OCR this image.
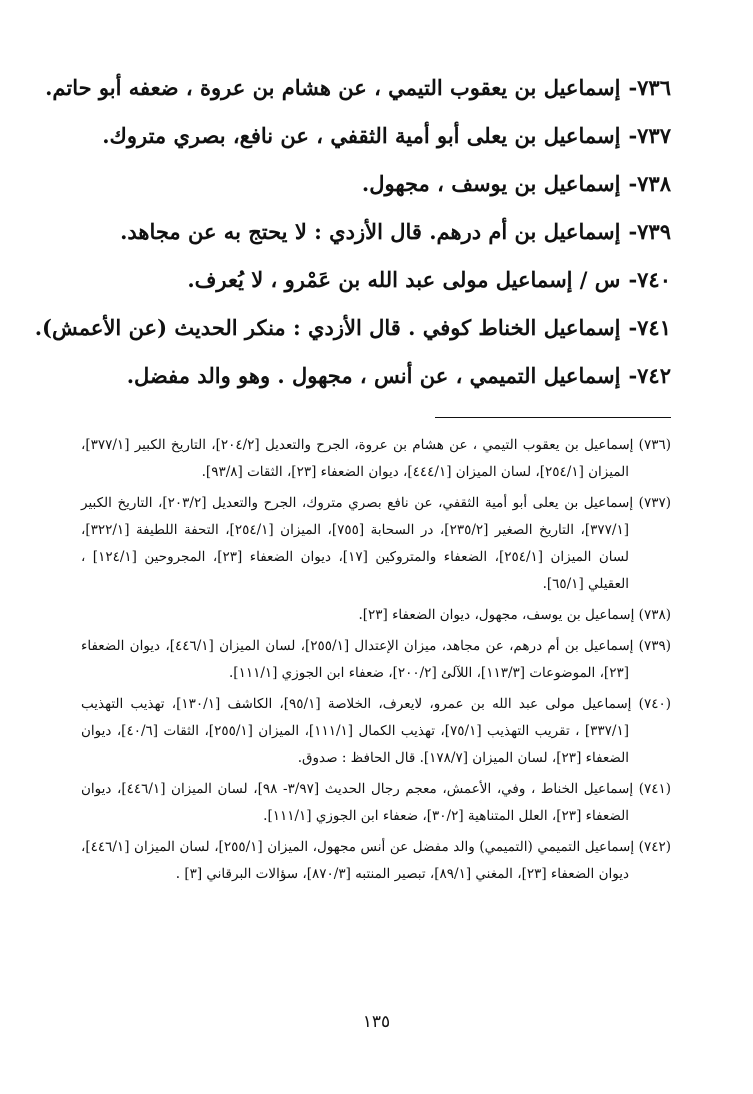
٧٣٦-إسماعيل بن يعقوب التيمي ، عن هشام بن عروة ، ضعفه أبو حاتم.
٧٣٧-إسماعيل بن يعلى أبو أمية الثقفي ، عن نافع، بصري متروك.
٧٣٨-إسماعيل بن يوسف ، مجهول.
٧٣٩-إسماعيل بن أم درهم. قال الأزدي : لا يحتج به عن مجاهد.
٧٤٠-س / إسماعيل مولى عبد الله بن عَمْرو ، لا يُعرف.
٧٤١-إسماعيل الخناط كوفي . قال الأزدي : منكر الحديث (عن الأعمش).
٧٤٢-إسماعيل التميمي ، عن أنس ، مجهول . وهو والد مفضل.

(٧٣٦) إسماعيل بن يعقوب التيمي ، عن هشام بن عروة، الجرح والتعديل [٢٠٤/٢]، التاريخ الكبير [٣٧٧/١]، الميزان [٢٥٤/١]، لسان الميزان [٤٤٤/١]، ديوان الضعفاء [٢٣]، الثقات [٩٣/٨].

(٧٣٧) إسماعيل بن يعلى أبو أمية الثقفي، عن نافع بصري متروك، الجرح والتعديل [٢٠٣/٢]، التاريخ الكبير [٣٧٧/١]، التاريخ الصغير [٢٣٥/٢]، در السحابة [٧٥٥]، الميزان [٢٥٤/١]، التحفة اللطيفة [٣٢٢/١]، لسان الميزان [٢٥٤/١]، الضعفاء والمتروكين [١٧]، ديوان الضعفاء [٢٣]، المجروحين [١٢٤/١] ، العقيلي [٦٥/١].

(٧٣٨) إسماعيل بن يوسف، مجهول، ديوان الضعفاء [٢٣].

(٧٣٩) إسماعيل بن أم درهم، عن مجاهد، ميزان الإعتدال [٢٥٥/١]، لسان الميزان [٤٤٦/١]، ديوان الضعفاء [٢٣]، الموضوعات [١١٣/٣]، اللآلئ [٢٠٠/٢]، ضعفاء ابن الجوزي [١١١/١].

(٧٤٠) إسماعيل مولى عبد الله بن عمرو، لايعرف، الخلاصة [٩٥/١]، الكاشف [١٣٠/١]، تهذيب التهذيب [٣٣٧/١] ، تقريب التهذيب [٧٥/١]، تهذيب الكمال [١١١/١]، الميزان [٢٥٥/١]، الثقات [٤٠/٦]، ديوان الضعفاء [٢٣]، لسان الميزان [١٧٨/٧]. قال الحافظ : صدوق.

(٧٤١) إسماعيل الخناط ، وفي، الأعمش، معجم رجال الحديث [٣/٩٧- ٩٨]، لسان الميزان [٤٤٦/١]، ديوان الضعفاء [٢٣]، العلل المتناهية [٣٠/٢]، ضعفاء ابن الجوزي [١١١/١].

(٧٤٢) إسماعيل التميمي (التميمي) والد مفضل عن أنس مجهول، الميزان [٢٥٥/١]، لسان الميزان [٤٤٦/١]، ديوان الضعفاء [٢٣]، المغني [٨٩/١]، تبصير المنتبه [٨٧٠/٣]، سؤالات البرقاني [٣] .

١٣٥
